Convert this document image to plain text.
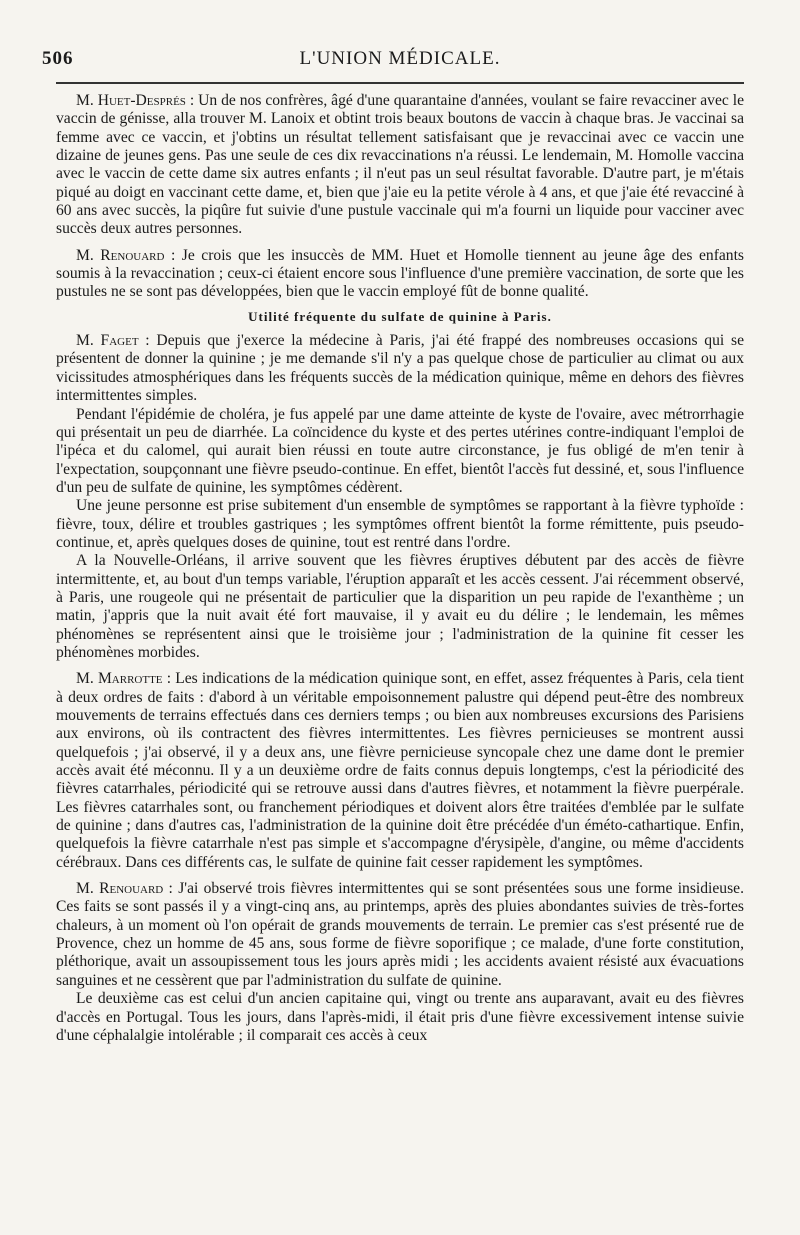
506	L'UNION MÉDICALE.

M. Huet-Després : Un de nos confrères, âgé d'une quarantaine d'années, voulant se faire revacciner avec le vaccin de génisse, alla trouver M. Lanoix et obtint trois beaux boutons de vaccin à chaque bras. Je vaccinai sa femme avec ce vaccin, et j'obtins un résultat tellement satisfaisant que je revaccinai avec ce vaccin une dizaine de jeunes gens. Pas une seule de ces dix revaccinations n'a réussi. Le lendemain, M. Homolle vaccina avec le vaccin de cette dame six autres enfants ; il n'eut pas un seul résultat favorable. D'autre part, je m'étais piqué au doigt en vaccinant cette dame, et, bien que j'aie eu la petite vérole à 4 ans, et que j'aie été revacciné à 60 ans avec succès, la piqûre fut suivie d'une pustule vaccinale qui m'a fourni un liquide pour vacciner avec succès deux autres personnes.

M. Renouard : Je crois que les insuccès de MM. Huet et Homolle tiennent au jeune âge des enfants soumis à la revaccination ; ceux-ci étaient encore sous l'influence d'une première vaccination, de sorte que les pustules ne se sont pas développées, bien que le vaccin employé fût de bonne qualité.

Utilité fréquente du sulfate de quinine à Paris.

M. Faget : Depuis que j'exerce la médecine à Paris, j'ai été frappé des nombreuses occasions qui se présentent de donner la quinine ; je me demande s'il n'y a pas quelque chose de particulier au climat ou aux vicissitudes atmosphériques dans les fréquents succès de la médication quinique, même en dehors des fièvres intermittentes simples.

Pendant l'épidémie de choléra, je fus appelé par une dame atteinte de kyste de l'ovaire, avec métrorrhagie qui présentait un peu de diarrhée. La coïncidence du kyste et des pertes utérines contre-indiquant l'emploi de l'ipéca et du calomel, qui aurait bien réussi en toute autre circonstance, je fus obligé de m'en tenir à l'expectation, soupçonnant une fièvre pseudo-continue. En effet, bientôt l'accès fut dessiné, et, sous l'influence d'un peu de sulfate de quinine, les symptômes cédèrent.

Une jeune personne est prise subitement d'un ensemble de symptômes se rapportant à la fièvre typhoïde : fièvre, toux, délire et troubles gastriques ; les symptômes offrent bientôt la forme rémittente, puis pseudo-continue, et, après quelques doses de quinine, tout est rentré dans l'ordre.

A la Nouvelle-Orléans, il arrive souvent que les fièvres éruptives débutent par des accès de fièvre intermittente, et, au bout d'un temps variable, l'éruption apparaît et les accès cessent. J'ai récemment observé, à Paris, une rougeole qui ne présentait de particulier que la disparition un peu rapide de l'exanthème ; un matin, j'appris que la nuit avait été fort mauvaise, il y avait eu du délire ; le lendemain, les mêmes phénomènes se représentent ainsi que le troisième jour ; l'administration de la quinine fit cesser les phénomènes morbides.

M. Marrotte : Les indications de la médication quinique sont, en effet, assez fréquentes à Paris, cela tient à deux ordres de faits : d'abord à un véritable empoisonnement palustre qui dépend peut-être des nombreux mouvements de terrains effectués dans ces derniers temps ; ou bien aux nombreuses excursions des Parisiens aux environs, où ils contractent des fièvres intermittentes. Les fièvres pernicieuses se montrent aussi quelquefois ; j'ai observé, il y a deux ans, une fièvre pernicieuse syncopale chez une dame dont le premier accès avait été méconnu. Il y a un deuxième ordre de faits connus depuis longtemps, c'est la périodicité des fièvres catarrhales, périodicité qui se retrouve aussi dans d'autres fièvres, et notamment la fièvre puerpérale. Les fièvres catarrhales sont, ou franchement périodiques et doivent alors être traitées d'emblée par le sulfate de quinine ; dans d'autres cas, l'administration de la quinine doit être précédée d'un éméto-cathartique. Enfin, quelquefois la fièvre catarrhale n'est pas simple et s'accompagne d'érysipèle, d'angine, ou même d'accidents cérébraux. Dans ces différents cas, le sulfate de quinine fait cesser rapidement les symptômes.

M. Renouard : J'ai observé trois fièvres intermittentes qui se sont présentées sous une forme insidieuse. Ces faits se sont passés il y a vingt-cinq ans, au printemps, après des pluies abondantes suivies de très-fortes chaleurs, à un moment où l'on opérait de grands mouvements de terrain. Le premier cas s'est présenté rue de Provence, chez un homme de 45 ans, sous forme de fièvre soporifique ; ce malade, d'une forte constitution, pléthorique, avait un assoupissement tous les jours après midi ; les accidents avaient résisté aux évacuations sanguines et ne cessèrent que par l'administration du sulfate de quinine.

Le deuxième cas est celui d'un ancien capitaine qui, vingt ou trente ans auparavant, avait eu des fièvres d'accès en Portugal. Tous les jours, dans l'après-midi, il était pris d'une fièvre excessivement intense suivie d'une céphalalgie intolérable ; il comparait ces accès à ceux
